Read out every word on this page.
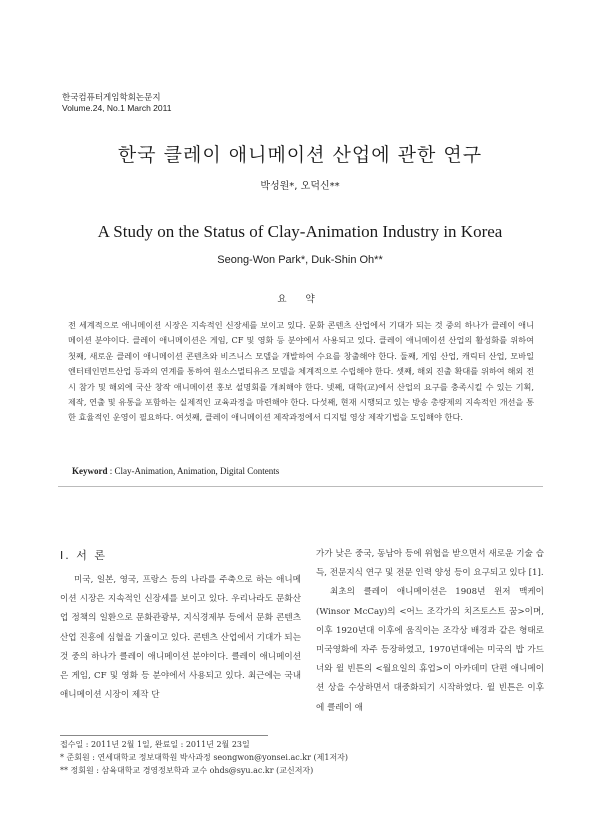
한국컴퓨터게임학회논문지
Volume.24, No.1 March 2011
한국 클레이 애니메이션 산업에 관한 연구
박성원*, 오덕신**
A Study on the Status of Clay-Animation Industry in Korea
Seong-Won Park*, Duk-Shin Oh**
요 약
전 세계적으로 애니메이션 시장은 지속적인 신장세를 보이고 있다. 문화 콘텐츠 산업에서 기대가 되는 것 중의 하나가 클레이 애니메이션 분야이다. 클레이 애니메이션은 게임, CF 및 영화 등 분야에서 사용되고 있다. 클레이 애니메이션 산업의 활성화를 위하여 첫째, 새로운 클레이 애니메이션 콘텐츠와 비즈니스 모델을 개발하여 수요를 창출해야 한다. 둘째, 게임 산업, 캐릭터 산업, 모바일 엔터테인먼트산업 등과의 연계를 통하여 원소스멀티유즈 모델을 체계적으로 수립해야 한다. 셋째, 해외 진출 확대를 위하여 해외 전시 참가 및 해외에 국산 창작 애니메이션 홍보 설명회를 개최해야 한다. 넷째, 대학(교)에서 산업의 요구를 충족시킬 수 있는 기획, 제작, 연출 및 유통을 포함하는 실제적인 교육과정을 마련해야 한다. 다섯째, 현재 시행되고 있는 방송 총량제의 지속적인 개선을 통한 효율적인 운영이 필요하다. 여섯째, 클레이 애니메이션 제작과정에서 디지털 영상 제작기법을 도입해야 한다.
Keyword : Clay-Animation, Animation, Digital Contents
Ⅰ. 서 론

미국, 일본, 영국, 프랑스 등의 나라를 주축으로 하는 애니메이션 시장은 지속적인 신장세를 보이고 있다. 우리나라도 문화산업 정책의 일환으로 문화관광부, 지식경제부 등에서 문화 콘텐츠 산업 진흥에 심혈을 기울이고 있다. 콘텐츠 산업에서 기대가 되는 것 중의 하나가 클레이 애니메이션 분야이다. 클레이 애니메이션은 게임, CF 및 영화 등 분야에서 사용되고 있다. 최근에는 국내 애니메이션 시장이 제작 단

가가 낮은 중국, 동남아 등에 위협을 받으면서 새로운 기술 습득, 전문지식 연구 및 전문 인력 양성 등이 요구되고 있다 [1].

최초의 클레이 애니메이션은 1908년 윈저 맥케이(Winsor McCay)의 <어느 조각가의 치즈토스트 꿈>이며, 이후 1920년대 이후에 움직이는 조각상 배경과 같은 형태로 미국영화에 자주 등장하였고, 1970년대에는 미국의 밥 가드너와 윌 빈튼의 <월요일의 휴업>이 아카데미 단편 애니메이션 상을 수상하면서 대중화되기 시작하였다. 윌 빈튼은 이후에 클레이 애

접수일 : 2011년 2월 1일, 완료일 : 2011년 2월 23일
* 준회원 : 연세대학교 정보대학원 박사과정 seongwon@yonsei.ac.kr (제1저자)
** 정회원 : 삼육대학교 경영정보학과 교수 ohds@syu.ac.kr (교신저자)
